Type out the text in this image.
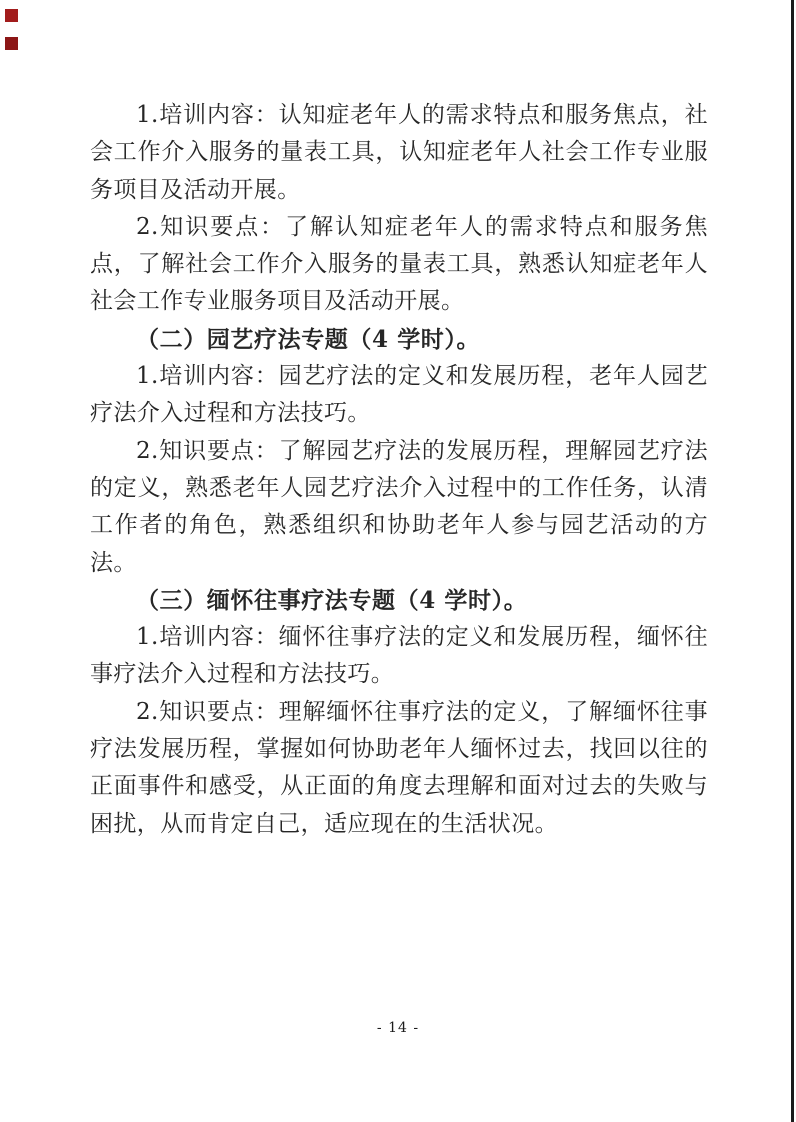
1.培训内容：认知症老年人的需求特点和服务焦点，社会工作介入服务的量表工具，认知症老年人社会工作专业服务项目及活动开展。

2.知识要点：了解认知症老年人的需求特点和服务焦点，了解社会工作介入服务的量表工具，熟悉认知症老年人社会工作专业服务项目及活动开展。

（二）园艺疗法专题（4 学时）。

1.培训内容：园艺疗法的定义和发展历程，老年人园艺疗法介入过程和方法技巧。

2.知识要点：了解园艺疗法的发展历程，理解园艺疗法的定义，熟悉老年人园艺疗法介入过程中的工作任务，认清工作者的角色，熟悉组织和协助老年人参与园艺活动的方法。

（三）缅怀往事疗法专题（4 学时）。

1.培训内容：缅怀往事疗法的定义和发展历程，缅怀往事疗法介入过程和方法技巧。

2.知识要点：理解缅怀往事疗法的定义，了解缅怀往事疗法发展历程，掌握如何协助老年人缅怀过去，找回以往的正面事件和感受，从正面的角度去理解和面对过去的失败与困扰，从而肯定自己，适应现在的生活状况。

- 14 -
